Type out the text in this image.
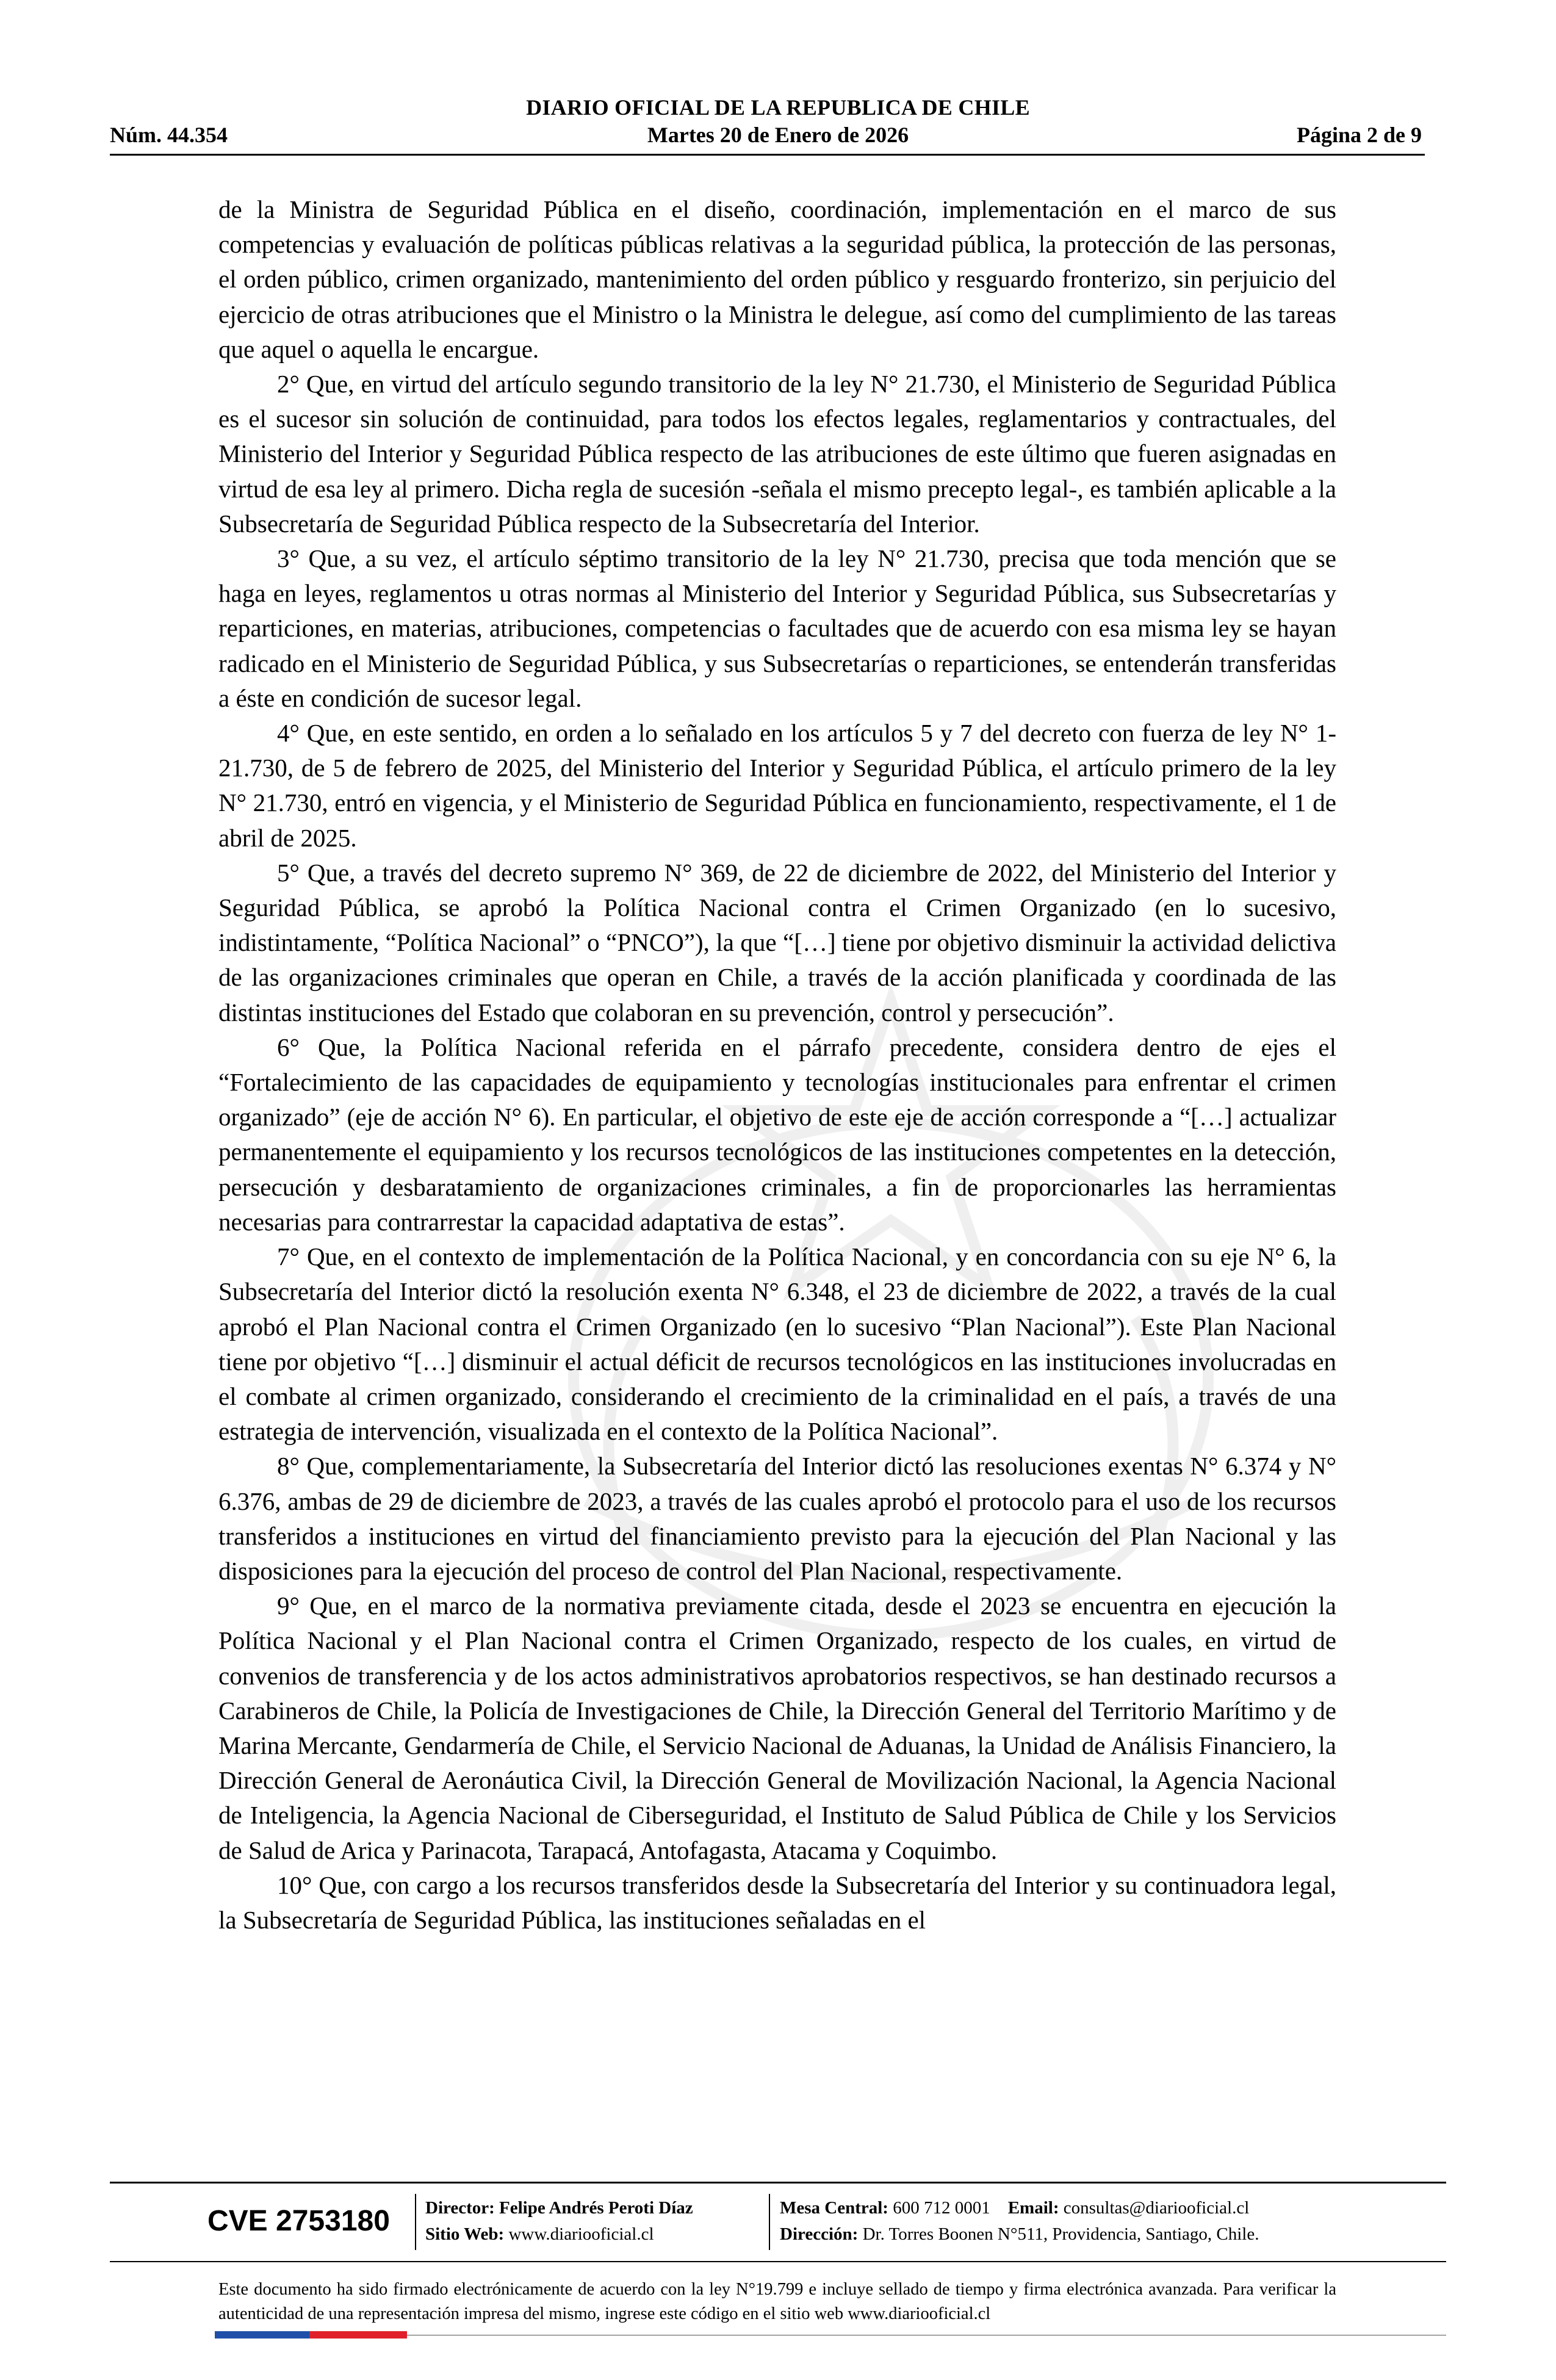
DIARIO OFICIAL DE LA REPUBLICA DE CHILE
Núm. 44.354	Martes 20 de Enero de 2026	Página 2 de 9

de la Ministra de Seguridad Pública en el diseño, coordinación, implementación en el marco de sus competencias y evaluación de políticas públicas relativas a la seguridad pública, la protección de las personas, el orden público, crimen organizado, mantenimiento del orden público y resguardo fronterizo, sin perjuicio del ejercicio de otras atribuciones que el Ministro o la Ministra le delegue, así como del cumplimiento de las tareas que aquel o aquella le encargue.

2° Que, en virtud del artículo segundo transitorio de la ley N° 21.730, el Ministerio de Seguridad Pública es el sucesor sin solución de continuidad, para todos los efectos legales, reglamentarios y contractuales, del Ministerio del Interior y Seguridad Pública respecto de las atribuciones de este último que fueren asignadas en virtud de esa ley al primero. Dicha regla de sucesión -señala el mismo precepto legal-, es también aplicable a la Subsecretaría de Seguridad Pública respecto de la Subsecretaría del Interior.

3° Que, a su vez, el artículo séptimo transitorio de la ley N° 21.730, precisa que toda mención que se haga en leyes, reglamentos u otras normas al Ministerio del Interior y Seguridad Pública, sus Subsecretarías y reparticiones, en materias, atribuciones, competencias o facultades que de acuerdo con esa misma ley se hayan radicado en el Ministerio de Seguridad Pública, y sus Subsecretarías o reparticiones, se entenderán transferidas a éste en condición de sucesor legal.

4° Que, en este sentido, en orden a lo señalado en los artículos 5 y 7 del decreto con fuerza de ley N° 1-21.730, de 5 de febrero de 2025, del Ministerio del Interior y Seguridad Pública, el artículo primero de la ley N° 21.730, entró en vigencia, y el Ministerio de Seguridad Pública en funcionamiento, respectivamente, el 1 de abril de 2025.

5° Que, a través del decreto supremo N° 369, de 22 de diciembre de 2022, del Ministerio del Interior y Seguridad Pública, se aprobó la Política Nacional contra el Crimen Organizado (en lo sucesivo, indistintamente, “Política Nacional” o “PNCO”), la que “[…] tiene por objetivo disminuir la actividad delictiva de las organizaciones criminales que operan en Chile, a través de la acción planificada y coordinada de las distintas instituciones del Estado que colaboran en su prevención, control y persecución”.

6° Que, la Política Nacional referida en el párrafo precedente, considera dentro de ejes el “Fortalecimiento de las capacidades de equipamiento y tecnologías institucionales para enfrentar el crimen organizado” (eje de acción N° 6). En particular, el objetivo de este eje de acción corresponde a “[…] actualizar permanentemente el equipamiento y los recursos tecnológicos de las instituciones competentes en la detección, persecución y desbaratamiento de organizaciones criminales, a fin de proporcionarles las herramientas necesarias para contrarrestar la capacidad adaptativa de estas”.

7° Que, en el contexto de implementación de la Política Nacional, y en concordancia con su eje N° 6, la Subsecretaría del Interior dictó la resolución exenta N° 6.348, el 23 de diciembre de 2022, a través de la cual aprobó el Plan Nacional contra el Crimen Organizado (en lo sucesivo “Plan Nacional”). Este Plan Nacional tiene por objetivo “[…] disminuir el actual déficit de recursos tecnológicos en las instituciones involucradas en el combate al crimen organizado, considerando el crecimiento de la criminalidad en el país, a través de una estrategia de intervención, visualizada en el contexto de la Política Nacional”.

8° Que, complementariamente, la Subsecretaría del Interior dictó las resoluciones exentas N° 6.374 y N° 6.376, ambas de 29 de diciembre de 2023, a través de las cuales aprobó el protocolo para el uso de los recursos transferidos a instituciones en virtud del financiamiento previsto para la ejecución del Plan Nacional y las disposiciones para la ejecución del proceso de control del Plan Nacional, respectivamente.

9° Que, en el marco de la normativa previamente citada, desde el 2023 se encuentra en ejecución la Política Nacional y el Plan Nacional contra el Crimen Organizado, respecto de los cuales, en virtud de convenios de transferencia y de los actos administrativos aprobatorios respectivos, se han destinado recursos a Carabineros de Chile, la Policía de Investigaciones de Chile, la Dirección General del Territorio Marítimo y de Marina Mercante, Gendarmería de Chile, el Servicio Nacional de Aduanas, la Unidad de Análisis Financiero, la Dirección General de Aeronáutica Civil, la Dirección General de Movilización Nacional, la Agencia Nacional de Inteligencia, la Agencia Nacional de Ciberseguridad, el Instituto de Salud Pública de Chile y los Servicios de Salud de Arica y Parinacota, Tarapacá, Antofagasta, Atacama y Coquimbo.

10° Que, con cargo a los recursos transferidos desde la Subsecretaría del Interior y su continuadora legal, la Subsecretaría de Seguridad Pública, las instituciones señaladas en el

CVE 2753180	Director: Felipe Andrés Peroti Díaz
Sitio Web: www.diariooficial.cl
Mesa Central: 600 712 0001 Email: consultas@diariooficial.cl
Dirección: Dr. Torres Boonen N°511, Providencia, Santiago, Chile.
Este documento ha sido firmado electrónicamente de acuerdo con la ley N°19.799 e incluye sellado de tiempo y firma electrónica avanzada. Para verificar la autenticidad de una representación impresa del mismo, ingrese este código en el sitio web www.diariooficial.cl
